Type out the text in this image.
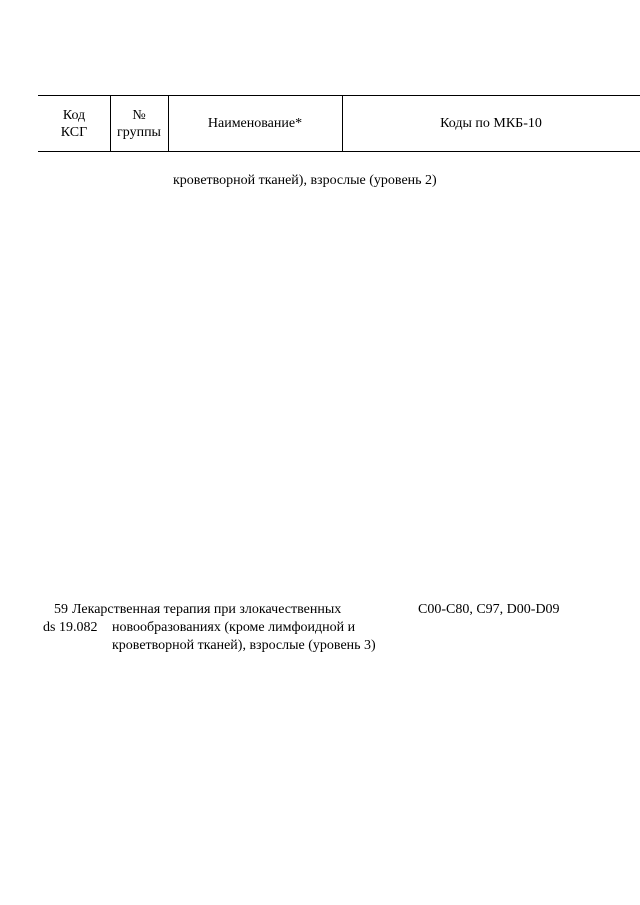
Код
КСГ
№
группы
Наименование*	Коды по МКБ-10
кроветворной тканей), взрослые (уровень 2)
59
ds 19.082
Лекарственная терапия при злокачественных
новообразованиях (кроме лимфоидной и
кроветворной тканей), взрослые (уровень 3)
C00-C80, C97, D00-D09
